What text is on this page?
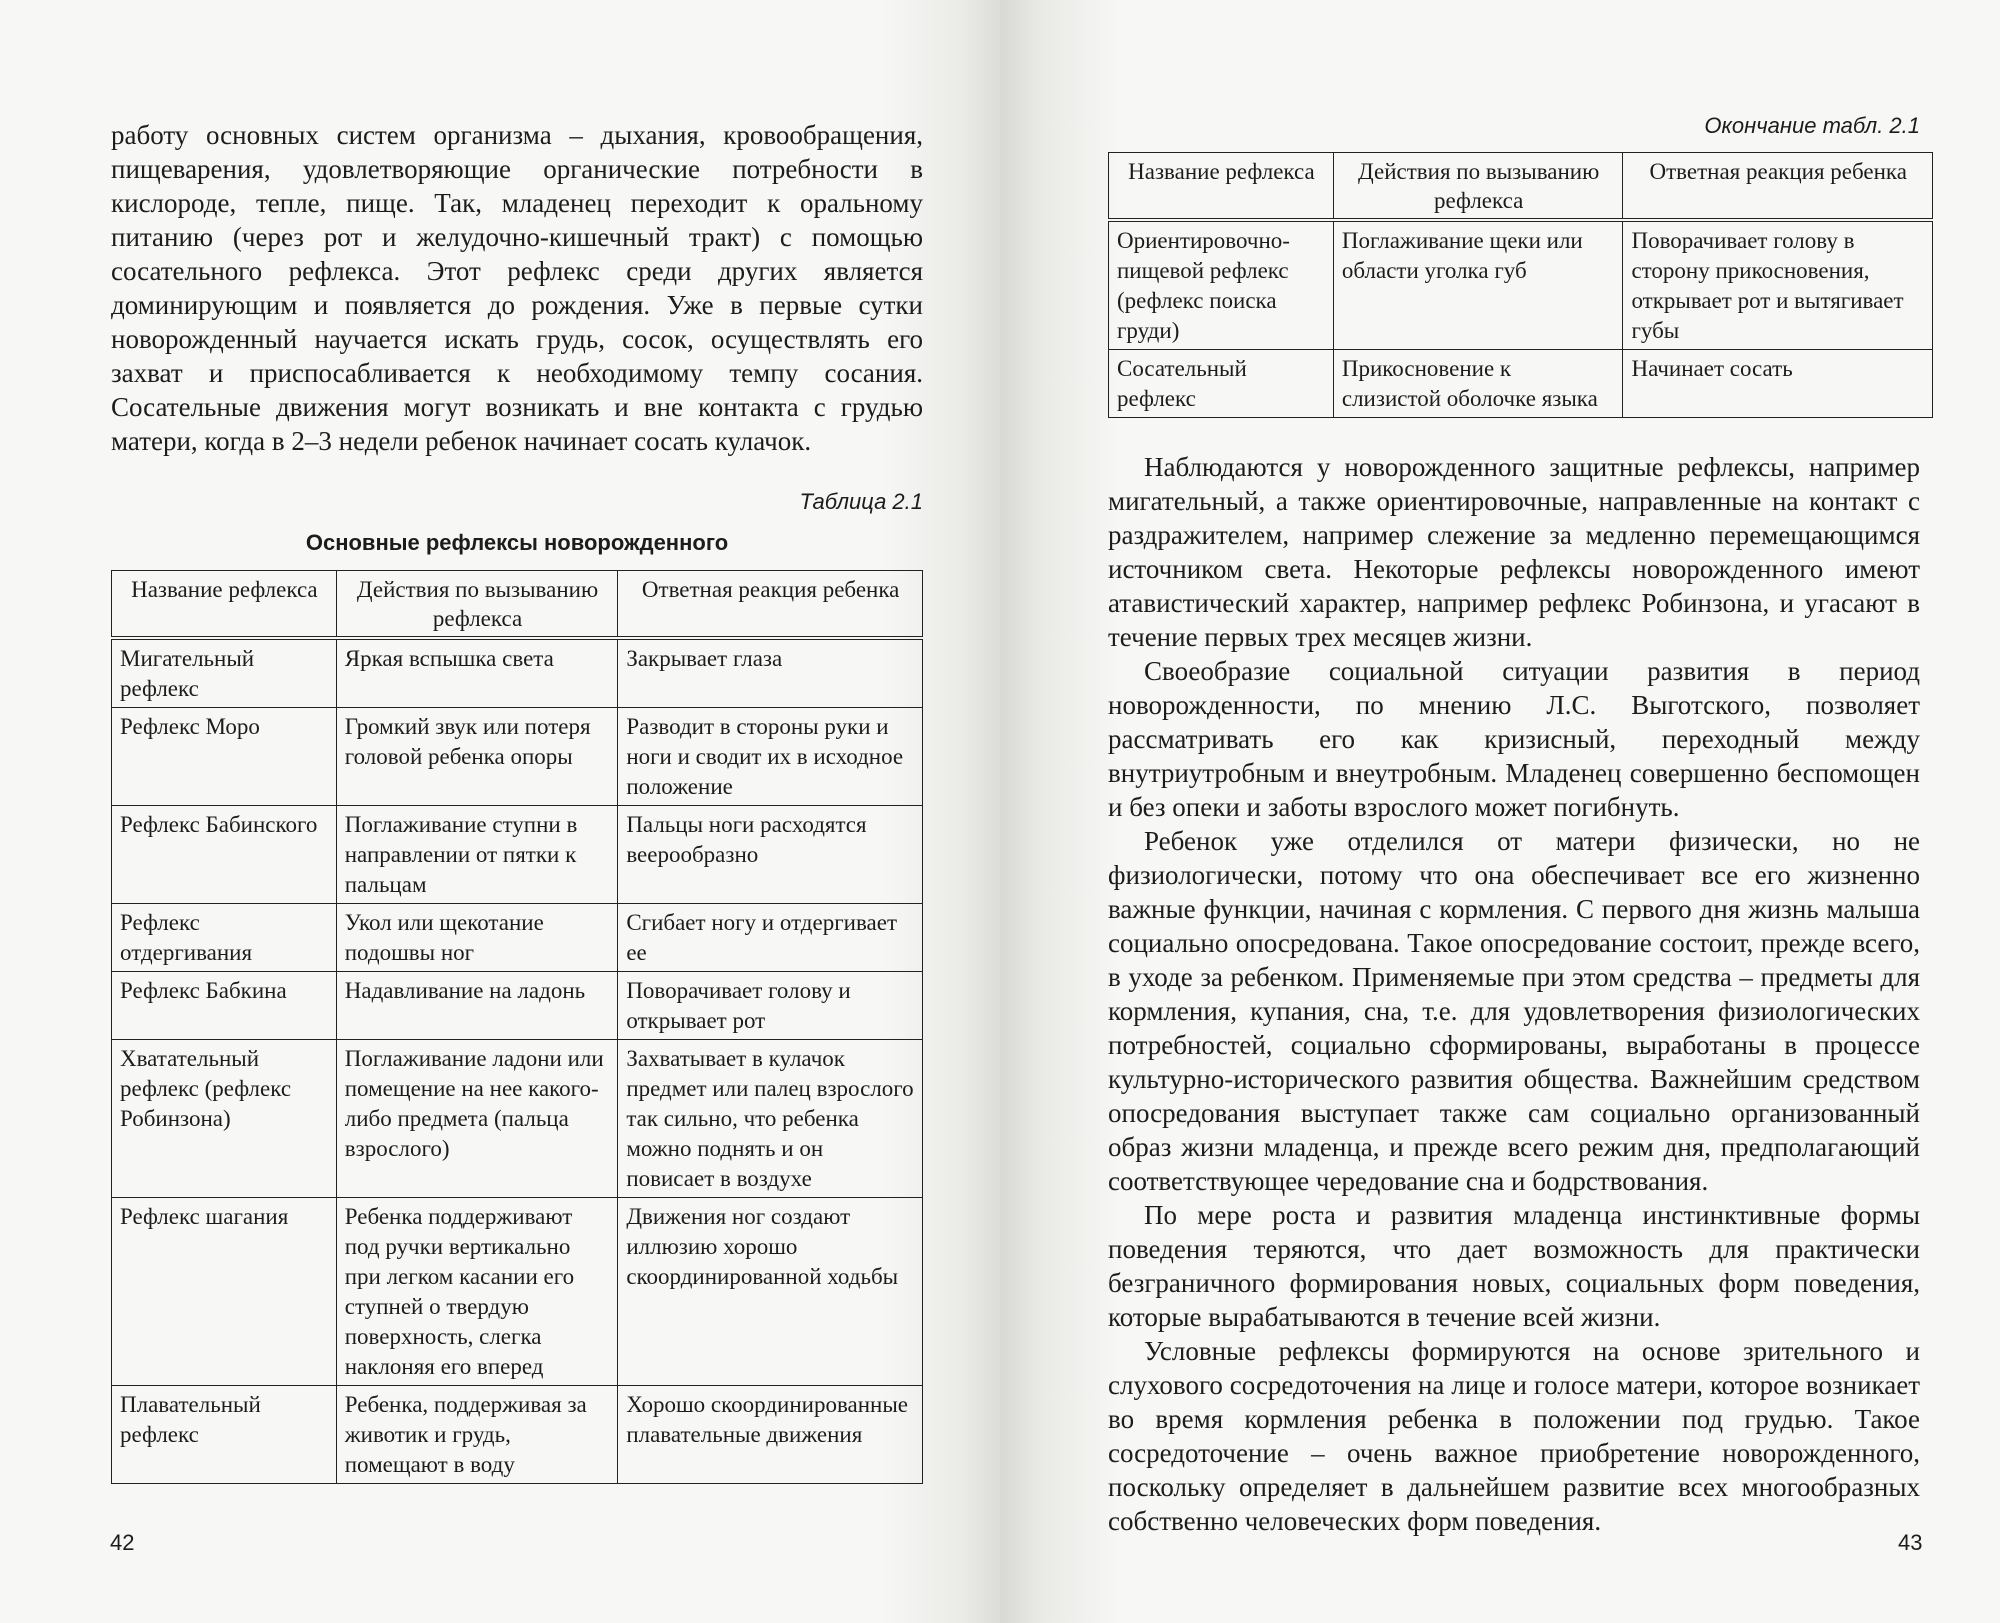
работу основных систем организма – дыхания, кровообращения, пищеварения, удовлетворяющие органические потребности в кислороде, тепле, пище. Так, младенец переходит к оральному питанию (через рот и желудочно-кишечный тракт) с помощью сосательного рефлекса. Этот рефлекс среди других является доминирующим и появляется до рождения. Уже в первые сутки новорожденный научается искать грудь, сосок, осуществлять его захват и приспосабливается к необходимому темпу сосания. Сосательные движения могут возникать и вне контакта с грудью матери, когда в 2–3 недели ребенок начинает сосать кулачок.

Таблица 2.1
Основные рефлексы новорожденного
Название рефлекса	Действия по вызыванию рефлекса	Ответная реакция ребенка
Мигательный рефлекс	Яркая вспышка света	Закрывает глаза
Рефлекс Моро	Громкий звук или потеря головой ребенка опоры	Разводит в стороны руки и ноги и сводит их в исходное положение
Рефлекс Бабинского	Поглаживание ступни в направлении от пятки к пальцам	Пальцы ноги расходятся веерообразно
Рефлекс отдергивания	Укол или щекотание подошвы ног	Сгибает ногу и отдергивает ее
Рефлекс Бабкина	Надавливание на ладонь	Поворачивает голову и открывает рот
Хватательный рефлекс (рефлекс Робинзона)	Поглаживание ладони или помещение на нее какого-либо предмета (пальца взрослого)	Захватывает в кулачок предмет или палец взрослого так сильно, что ребенка можно поднять и он повисает в воздухе
Рефлекс шагания	Ребенка поддерживают под ручки вертикально при легком касании его ступней о твердую поверхность, слегка наклоняя его вперед	Движения ног создают иллюзию хорошо скоординированной ходьбы
Плавательный рефлекс	Ребенка, поддерживая за животик и грудь, помещают в воду	Хорошо скоординированные плавательные движения
42
Окончание табл. 2.1
Название рефлекса	Действия по вызыванию рефлекса	Ответная реакция ребенка
Ориентировочно-пищевой рефлекс (рефлекс поиска груди)	Поглаживание щеки или области уголка губ	Поворачивает голову в сторону прикосновения, открывает рот и вытягивает губы
Сосательный рефлекс	Прикосновение к слизистой оболочке языка	Начинает сосать

Наблюдаются у новорожденного защитные рефлексы, например мигательный, а также ориентировочные, направленные на контакт с раздражителем, например слежение за медленно перемещающимся источником света. Некоторые рефлексы новорожденного имеют атавистический характер, например рефлекс Робинзона, и угасают в течение первых трех месяцев жизни.

Своеобразие социальной ситуации развития в период новорожденности, по мнению Л.С. Выготского, позволяет рассматривать его как кризисный, переходный между внутриутробным и внеутробным. Младенец совершенно беспомощен и без опеки и заботы взрослого может погибнуть.

Ребенок уже отделился от матери физически, но не физиологически, потому что она обеспечивает все его жизненно важные функции, начиная с кормления. С первого дня жизнь малыша социально опосредована. Такое опосредование состоит, прежде всего, в уходе за ребенком. Применяемые при этом средства – предметы для кормления, купания, сна, т.е. для удовлетворения физиологических потребностей, социально сформированы, выработаны в процессе культурно-исторического развития общества. Важнейшим средством опосредования выступает также сам социально организованный образ жизни младенца, и прежде всего режим дня, предполагающий соответствующее чередование сна и бодрствования.

По мере роста и развития младенца инстинктивные формы поведения теряются, что дает возможность для практически безграничного формирования новых, социальных форм поведения, которые вырабатываются в течение всей жизни.

Условные рефлексы формируются на основе зрительного и слухового сосредоточения на лице и голосе матери, которое возникает во время кормления ребенка в положении под грудью. Такое сосредоточение – очень важное приобретение новорожденного, поскольку определяет в дальнейшем развитие всех многообразных собственно человеческих форм поведения.

43
